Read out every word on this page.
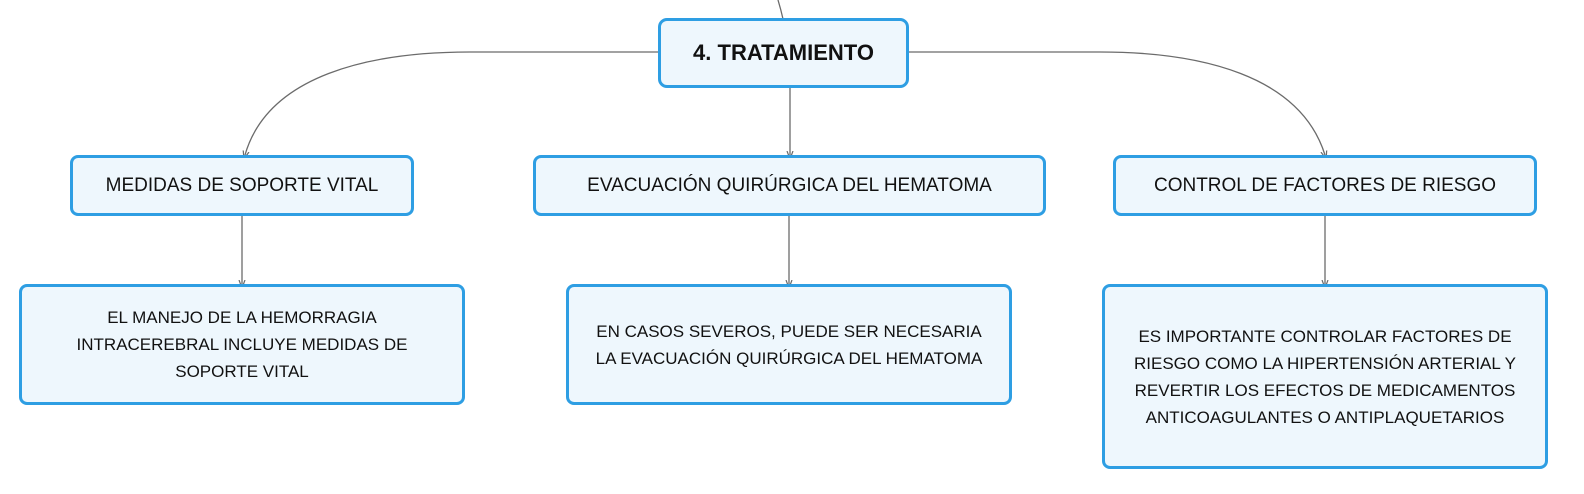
4. TRATAMIENTO
MEDIDAS DE SOPORTE VITAL	EVACUACIÓN QUIRÚRGICA DEL HEMATOMA	CONTROL DE FACTORES DE RIESGO
EL MANEJO DE LA HEMORRAGIA INTRACEREBRAL INCLUYE MEDIDAS DE SOPORTE VITAL
EN CASOS SEVEROS, PUEDE SER NECESARIA LA EVACUACIÓN QUIRÚRGICA DEL HEMATOMA
ES IMPORTANTE CONTROLAR FACTORES DE RIESGO COMO LA HIPERTENSIÓN ARTERIAL Y REVERTIR LOS EFECTOS DE MEDICAMENTOS ANTICOAGULANTES O ANTIPLAQUETARIOS
